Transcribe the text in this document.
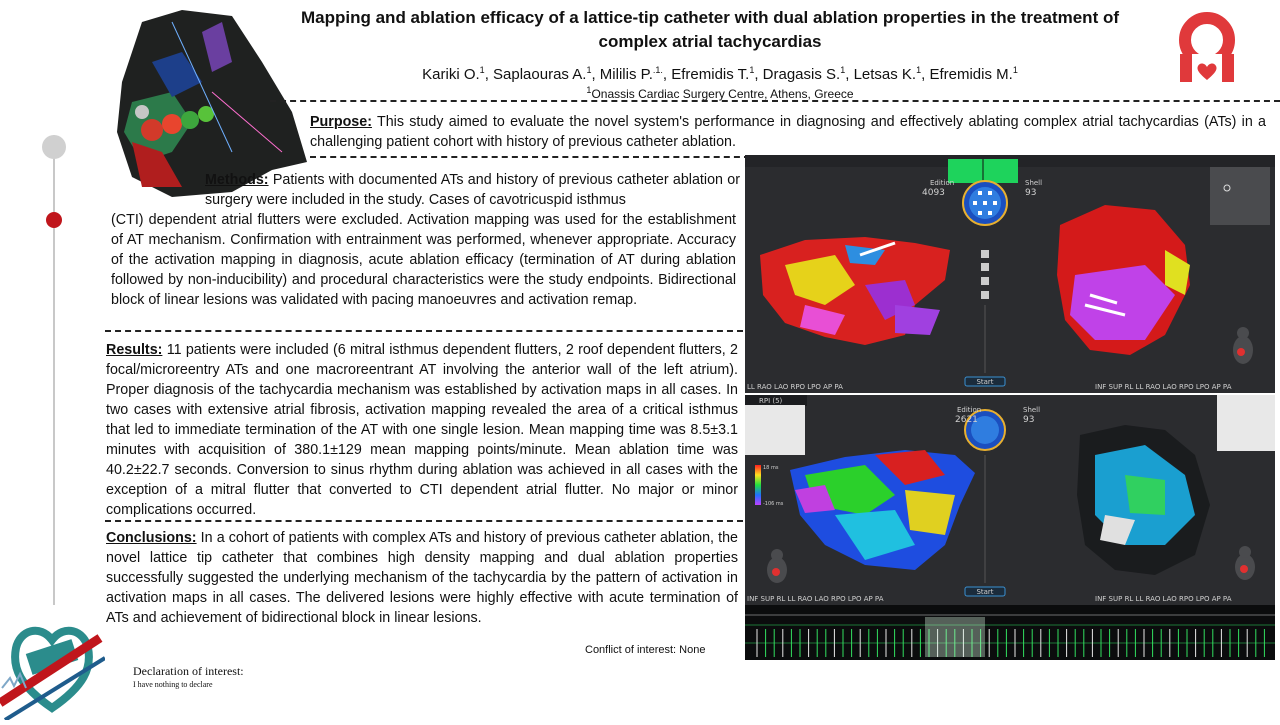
Mapping and ablation efficacy of a lattice-tip catheter with dual ablation properties in the treatment of
complex atrial tachycardias
Kariki O.$^1$, Saplaouras A.$^1$, Mililis P.$^{.1.}$, Efremidis T.$^1$, Dragasis S.$^1$, Letsas K.$^1$, Efremidis M.$^1$
$^1$Onassis Cardiac Surgery Centre, Athens, Greece
Purpose: This study aimed to evaluate the novel system's performance in diagnosing and effectively ablating complex atrial tachycardias (ATs) in a challenging patient cohort with history of previous catheter ablation.
Methods: Patients with documented ATs and history of previous catheter ablation or surgery were included in the study. Cases of cavotricuspid isthmus
(CTI) dependent atrial flutters were excluded. Activation mapping was used for the establishment of AT mechanism. Confirmation with entrainment was performed, whenever appropriate. Accuracy of the activation mapping in diagnosis, acute ablation efficacy (termination of AT during ablation followed by non-inducibility) and procedural characteristics were the study endpoints. Bidirectional block of linear lesions was validated with pacing manoeuvres and activation remap.
Results: 11 patients were included (6 mitral isthmus dependent flutters, 2 roof dependent flutters, 2 focal/microreentry ATs and one macroreentrant AT involving the anterior wall of the left atrium). Proper diagnosis of the tachycardia mechanism was established by activation maps in all cases. In two cases with extensive atrial fibrosis, activation mapping revealed the area of a critical isthmus that led to immediate termination of the AT with one single lesion. Mean mapping time was 8.5±3.1 minutes with acquisition of 380.1±129 mean mapping points/minute. Mean ablation time was 40.2±22.7 seconds. Conversion to sinus rhythm during ablation was achieved in all cases with the exception of a mitral flutter that converted to CTI dependent atrial flutter. No major or minor complications occurred.
Conclusions: In a cohort of patients with complex ATs and history of previous catheter ablation, the novel lattice tip catheter that combines high density mapping and dual ablation properties successfully suggested the underlying mechanism of the tachycardia by the pattern of activation in activation maps in all cases. The delivered lesions were highly effective with acute termination of ATs and achievement of bidirectional block in linear lesions.
Conflict of interest: None
Declaration of interest:
I have nothing to declare
Start
Edition
4093
Shell
93
LL RAO LAO RPO LPO AP PA	INF SUP RL LL RAO LAO RPO LPO AP PA
RPI (5)
18 ms
-106 ms
Edition
2621
Shell
93
Start
INF SUP RL LL RAO LAO RPO LPO AP PA	INF SUP RL LL RAO LAO RPO LPO AP PA
